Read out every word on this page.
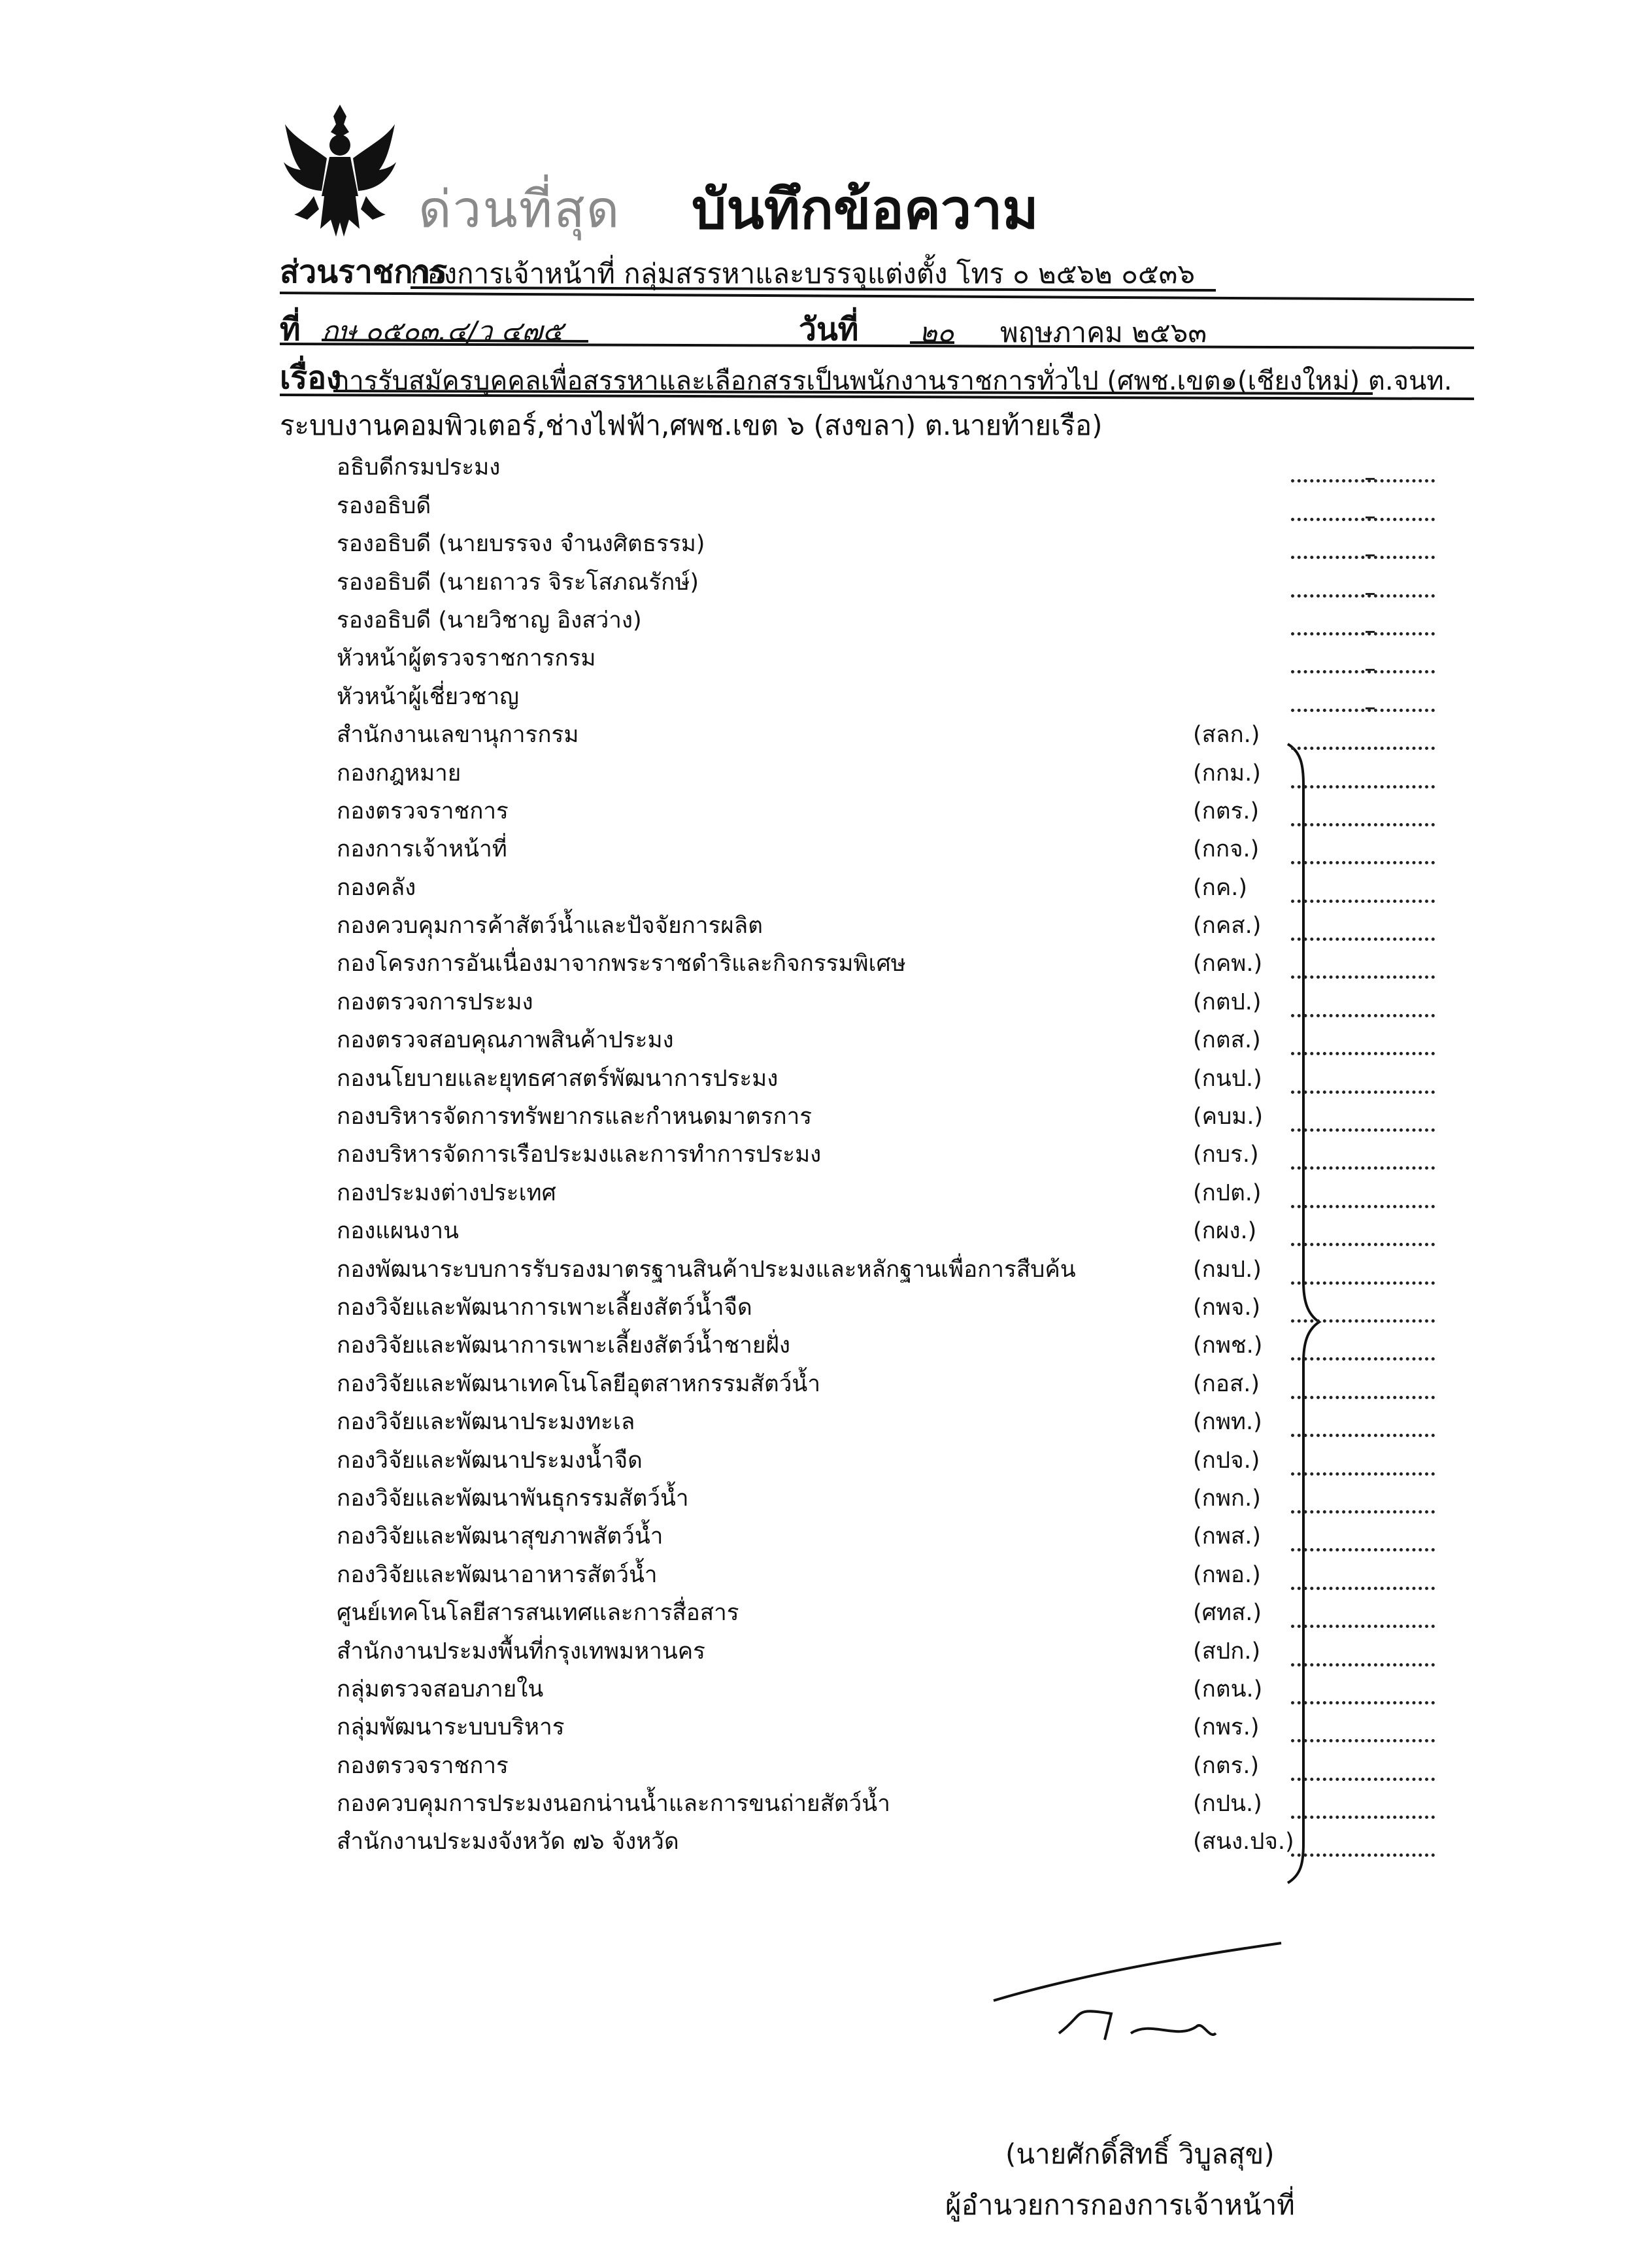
ด่วนที่สุด บันทึกข้อความ
ส่วนราชการ
กองการเจ้าหน้าที่ กลุ่มสรรหาและบรรจุแต่งตั้ง โทร ๐ ๒๕๖๒ ๐๕๓๖
ที่ กษ ๐๕๐๓.๔/ว ๔๗๕	วันที่ ๒๐ พฤษภาคม ๒๕๖๓
เรื่อง
การรับสมัครบุคคลเพื่อสรรหาและเลือกสรรเป็นพนักงานราชการทั่วไป (ศพช.เขต๑(เชียงใหม่) ต.จนท.
ระบบงานคอมพิวเตอร์,ช่างไฟฟ้า,ศพช.เขต ๖ (สงขลา) ต.นายท้ายเรือ)
อธิบดีกรมประมง
รองอธิบดี
รองอธิบดี (นายบรรจง จำนงศิตธรรม)
รองอธิบดี (นายถาวร จิระโสภณรักษ์)
รองอธิบดี (นายวิชาญ อิงสว่าง)
หัวหน้าผู้ตรวจราชการกรม
หัวหน้าผู้เชี่ยวชาญ
สำนักงานเลขานุการกรม	(สลก.)
กองกฎหมาย	(กกม.)
กองตรวจราชการ	(กตร.)
กองการเจ้าหน้าที่	(กกจ.)
กองคลัง	(กค.)
กองควบคุมการค้าสัตว์น้ำและปัจจัยการผลิต	(กคส.)
กองโครงการอันเนื่องมาจากพระราชดำริและกิจกรรมพิเศษ	(กคพ.)
กองตรวจการประมง	(กตป.)
กองตรวจสอบคุณภาพสินค้าประมง	(กตส.)
กองนโยบายและยุทธศาสตร์พัฒนาการประมง	(กนป.)
กองบริหารจัดการทรัพยากรและกำหนดมาตรการ	(คบม.)
กองบริหารจัดการเรือประมงและการทำการประมง	(กบร.)
กองประมงต่างประเทศ	(กปต.)
กองแผนงาน	(กผง.)
กองพัฒนาระบบการรับรองมาตรฐานสินค้าประมงและหลักฐานเพื่อการสืบค้น	(กมป.)
กองวิจัยและพัฒนาการเพาะเลี้ยงสัตว์น้ำจืด	(กพจ.)
กองวิจัยและพัฒนาการเพาะเลี้ยงสัตว์น้ำชายฝั่ง	(กพช.)
กองวิจัยและพัฒนาเทคโนโลยีอุตสาหกรรมสัตว์น้ำ	(กอส.)
กองวิจัยและพัฒนาประมงทะเล	(กพท.)
กองวิจัยและพัฒนาประมงน้ำจืด	(กปจ.)
กองวิจัยและพัฒนาพันธุกรรมสัตว์น้ำ	(กพก.)
กองวิจัยและพัฒนาสุขภาพสัตว์น้ำ	(กพส.)
กองวิจัยและพัฒนาอาหารสัตว์น้ำ	(กพอ.)
ศูนย์เทคโนโลยีสารสนเทศและการสื่อสาร	(ศทส.)
สำนักงานประมงพื้นที่กรุงเทพมหานคร	(สปก.)
กลุ่มตรวจสอบภายใน	(กตน.)
กลุ่มพัฒนาระบบบริหาร	(กพร.)
กองตรวจราชการ	(กตร.)
กองควบคุมการประมงนอกน่านน้ำและการขนถ่ายสัตว์น้ำ	(กปน.)
สำนักงานประมงจังหวัด ๗๖ จังหวัด	(สนง.ปจ.)
(นายศักดิ์สิทธิ์ วิบูลสุข)
ผู้อำนวยการกองการเจ้าหน้าที่
